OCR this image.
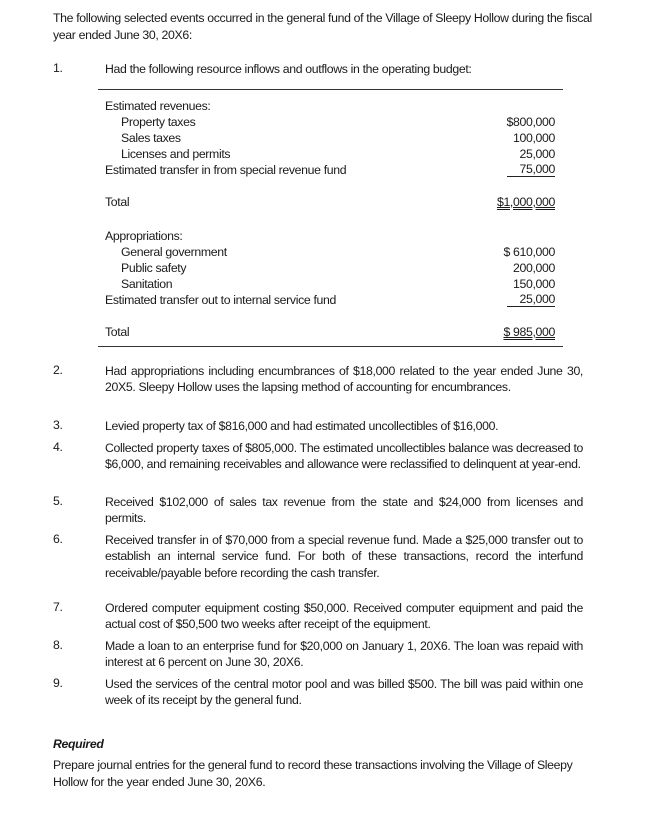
The following selected events occurred in the general fund of the Village of Sleepy Hollow during the fiscal year ended June 30, 20X6:
1.	Had the following resource inflows and outflows in the operating budget:
Estimated revenues:
Property taxes	$800,000
Sales taxes	100,000
Licenses and permits	25,000
Estimated transfer in from special revenue fund	75,000
Total	$1,000,000
Appropriations:
General government	$ 610,000
Public safety	200,000
Sanitation	150,000
Estimated transfer out to internal service fund	25,000
Total	$ 985,000
2.	Had appropriations including encumbrances of $18,000 related to the year ended June 30, 20X5. Sleepy Hollow uses the lapsing method of accounting for encumbrances.
3.	Levied property tax of $816,000 and had estimated uncollectibles of $16,000.
4.	Collected property taxes of $805,000. The estimated uncollectibles balance was decreased to $6,000, and remaining receivables and allowance were reclassified to delinquent at year-end.
5.	Received $102,000 of sales tax revenue from the state and $24,000 from licenses and permits.
6.	Received transfer in of $70,000 from a special revenue fund. Made a $25,000 transfer out to establish an internal service fund. For both of these transactions, record the interfund receivable/payable before recording the cash transfer.
7.	Ordered computer equipment costing $50,000. Received computer equipment and paid the actual cost of $50,500 two weeks after receipt of the equipment.
8.	Made a loan to an enterprise fund for $20,000 on January 1, 20X6. The loan was repaid with interest at 6 percent on June 30, 20X6.
9.	Used the services of the central motor pool and was billed $500. The bill was paid within one week of its receipt by the general fund.
Required
Prepare journal entries for the general fund to record these transactions involving the Village of Sleepy Hollow for the year ended June 30, 20X6.
